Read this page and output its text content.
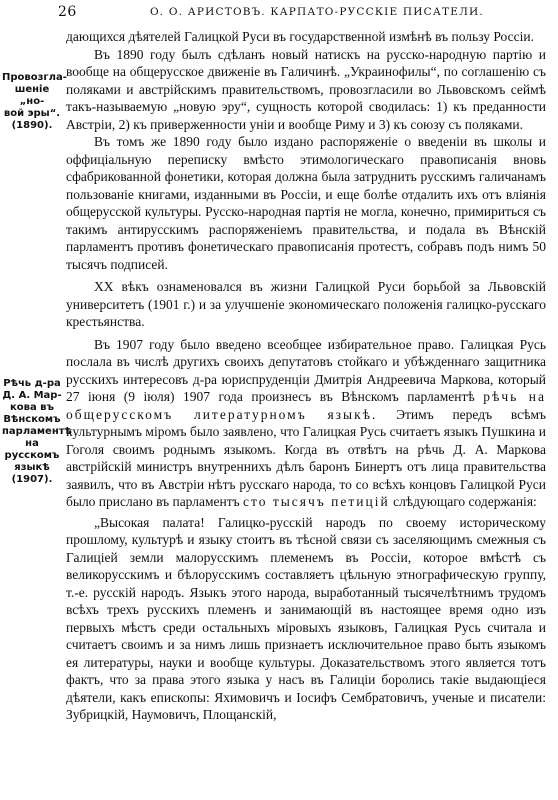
26	О. О. АРИСТОВЪ. КАРПАТО-РУССКІЕ ПИСАТЕЛИ.
Провозгла-
шеніе „но-
вой эры“.
(1890).
Рѣчь д-ра
Д. А. Мар-
кова въ
Вѣнскомъ
парламентѣ
на русскомъ
языкѣ
(1907).

дающихся дѣятелей Галицкой Руси въ государственной измѣнѣ въ пользу Россіи.

Въ 1890 году былъ сдѣланъ новый натискъ на русско-народную партію и вообще на общерусское движеніе въ Галичинѣ. „Украинофилы“, по соглашенію съ поляками и австрійскимъ правительствомъ, провозгласили во Львовскомъ сеймѣ такъ-называемую „новую эру“, сущность которой сводилась: 1) къ преданности Австріи, 2) къ приверженности уніи и вообще Риму и 3) къ союзу съ поляками.

Въ томъ же 1890 году было издано распоряженіе о введеніи въ школы и оффиціальную переписку вмѣсто этимологическаго правописанія вновь сфабрикованной фонетики, которая должна была затруднить русскимъ галичанамъ пользованіе книгами, изданными въ Россіи, и еще болѣе отдалить ихъ отъ вліянія общерусской культуры. Русско-народная партія не могла, конечно, примириться съ такимъ антирусскимъ распоряженіемъ правительства, и подала въ Вѣнскій парламентъ противъ фонетическаго правописанія протестъ, собравъ подъ нимъ 50 тысячъ подписей.

XX вѣкъ ознаменовался въ жизни Галицкой Руси борьбой за Львовскій университетъ (1901 г.) и за улучшеніе экономическаго положенія галицко-русскаго крестьянства.

Въ 1907 году было введено всеобщее избирательное право. Галицкая Русь послала въ числѣ другихъ своихъ депутатовъ стойкаго и убѣжденнаго защитника русскихъ интересовъ д-ра юриспруденціи Дмитрія Андреевича Маркова, который 27 іюня (9 іюля) 1907 года произнесъ въ Вѣнскомъ парламентѣ рѣчь на общерусскомъ литературномъ языкѣ. Этимъ передъ всѣмъ культурнымъ міромъ было заявлено, что Галицкая Русь считаетъ языкъ Пушкина и Гоголя своимъ роднымъ языкомъ. Когда въ отвѣтъ на рѣчь Д. А. Маркова австрійскій министръ внутреннихъ дѣлъ баронъ Бинертъ отъ лица правительства заявилъ, что въ Австріи нѣтъ русскаго народа, то со всѣхъ концовъ Галицкой Руси было прислано въ парламентъ сто тысячъ петицій слѣдующаго содержанія:

„Высокая палата! Галицко-русскій народъ по своему историческому прошлому, культурѣ и языку стоитъ въ тѣсной связи съ заселяющимъ смежныя съ Галиціей земли малорусскимъ племенемъ въ Россіи, которое вмѣстѣ съ великорусскимъ и бѣлорусскимъ составляетъ цѣльную этнографическую группу, т.-е. русскій народъ. Языкъ этого народа, выработанный тысячелѣтнимъ трудомъ всѣхъ трехъ русскихъ племенъ и занимающій въ настоящее время одно изъ первыхъ мѣстъ среди остальныхъ міровыхъ языковъ, Галицкая Русь считала и считаетъ своимъ и за нимъ лишь признаетъ исключительное право быть языкомъ ея литературы, науки и вообще культуры. Доказательствомъ этого является тотъ фактъ, что за права этого языка у насъ въ Галиціи боролись такіе выдающіеся дѣятели, какъ епископы: Яхимовичъ и Іосифъ Сембратовичъ, ученые и писатели: Зубрицкій, Наумовичъ, Площанскій,
